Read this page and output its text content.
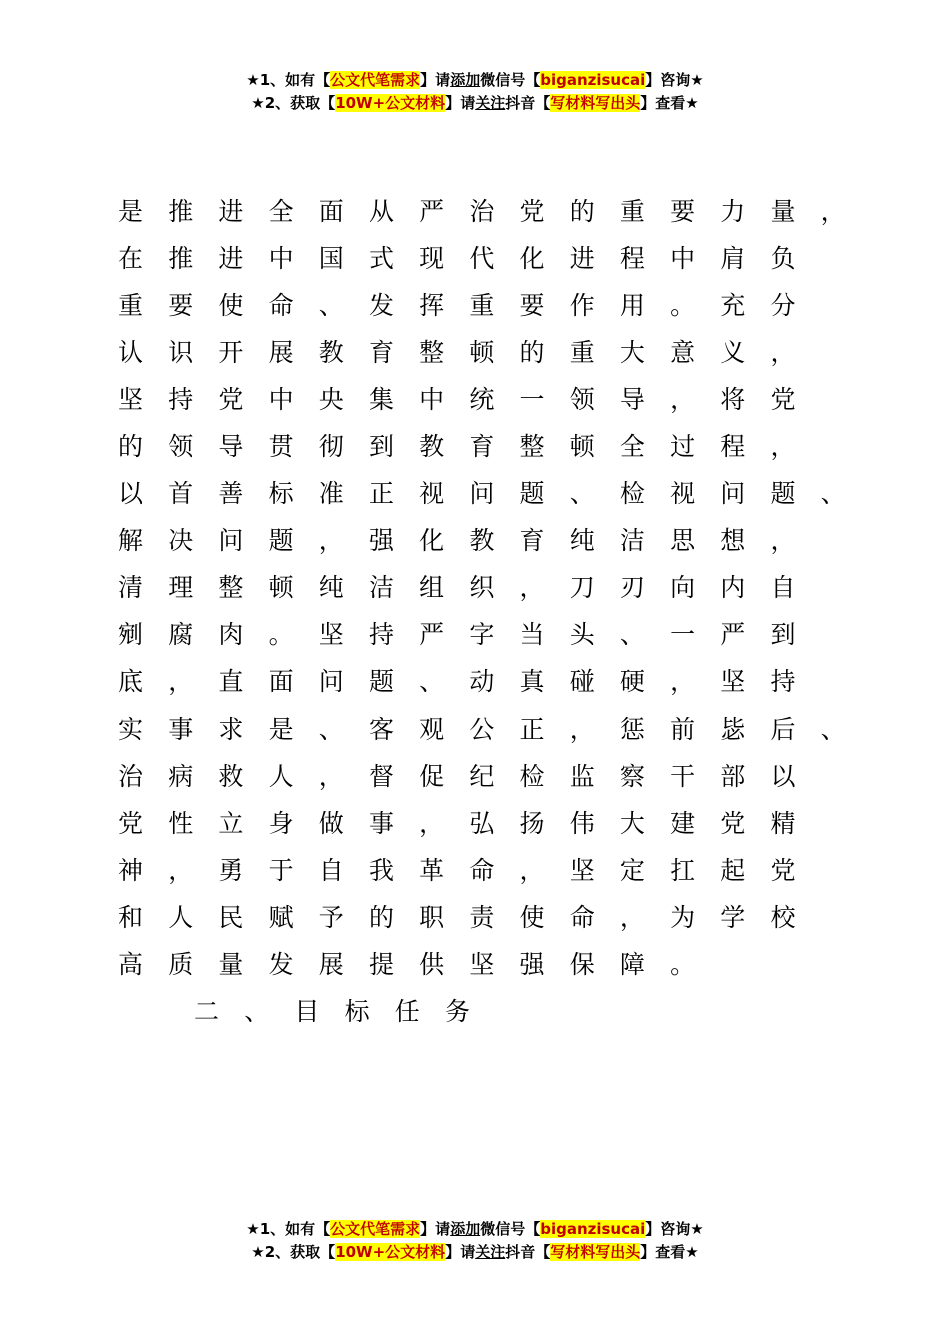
★1、如有【公文代笔需求】请添加微信号【biganzisucai】咨询★
★2、获取【10W+公文材料】请关注抖音【写材料写出头】查看★
是	推	进	全	面	从	严	治	党	的	重	要	力	量	，
在	推	进	中	国	式	现	代	化	进	程	中	肩	负
重	要	使	命	、	发	挥	重	要	作	用	。	充	分
认	识	开	展	教	育	整	顿	的	重	大	意	义	，
坚	持	党	中	央	集	中	统	一	领	导	，	将	党
的	领	导	贯	彻	到	教	育	整	顿	全	过	程	，
以	首	善	标	准	正	视	问	题	、	检	视	问	题	、
解	决	问	题	，	强	化	教	育	纯	洁	思	想	，
清	理	整	顿	纯	洁	组	织	，	刀	刃	向	内	自
剜	腐	肉	。	坚	持	严	字	当	头	、	一	严	到
底	，	直	面	问	题	、	动	真	碰	硬	，	坚	持
实	事	求	是	、	客	观	公	正	，	惩	前	毖	后	、
治	病	救	人	，	督	促	纪	检	监	察	干	部	以
党	性	立	身	做	事	，	弘	扬	伟	大	建	党	精
神	，	勇	于	自	我	革	命	，	坚	定	扛	起	党
和	人	民	赋	予	的	职	责	使	命	，	为	学	校
高	质	量	发	展	提	供	坚	强	保	障	。
二 、 目 标 任 务
★1、如有【公文代笔需求】请添加微信号【biganzisucai】咨询★
★2、获取【10W+公文材料】请关注抖音【写材料写出头】查看★
